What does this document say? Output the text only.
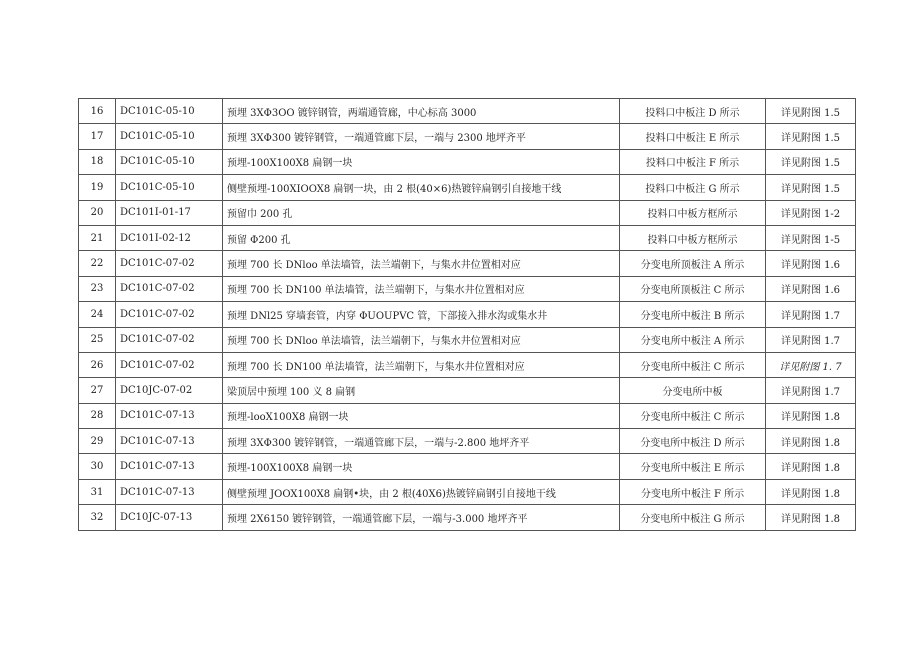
16	DC101C-05-10	预埋 3XΦ3OO 镀锌钢管，两端通管廊，中心标高 3000	投料口中板注 D 所示	详见附图 1.5
17	DC101C-05-10	预埋 3XΦ300 镀锌钢管，一端通管廊下层，一端与 2300 地坪齐平	投料口中板注 E 所示	详见附图 1.5
18	DC101C-05-10	预埋-100X100X8 扁钢一块	投料口中板注 F 所示	详见附图 1.5
19	DC101C-05-10	侧壁预埋-100XIOOX8 扁钢一块，由 2 根(40×6)热镀锌扁钢引自接地干线	投料口中板注 G 所示	详见附图 1.5
20	DC101I-01-17	预留巾 200 孔	投料口中板方框所示	详见附图 1-2
21	DC101I-02-12	预留 Φ200 孔	投料口中板方框所示	详见附图 1-5
22	DC101C-07-02	预埋 700 长 DNloo 单法墙管，法兰端朝下，与集水井位置相对应	分变电所顶板注 A 所示	详见附图 1.6
23	DC101C-07-02	预埋 700 长 DN100 单法墙管，法兰端朝下，与集水井位置相对应	分变电所顶板注 C 所示	详见附图 1.6
24	DC101C-07-02	预埋 DNl25 穿墙套管，内穿 ΦUOUPVC 管，下部接入排水沟或集水井	分变电所中板注 B 所示	详见附图 1.7
25	DC101C-07-02	预埋 700 长 DNloo 单法墙管，法兰端朝下，与集水井位置相对应	分变电所中板注 A 所示	详见附图 1.7
26	DC101C-07-02	预埋 700 长 DN100 单法墙管，法兰端朝下，与集水井位置相对应	分变电所中板注 C 所示	详见附图 1. 7
27	DC10JC-07-02	梁顶居中预埋 100 义 8 扁钢	分变电所中板	详见附图 1.7
28	DC101C-07-13	预埋-looX100X8 扁钢一块	分变电所中板注 C 所示	详见附图 1.8
29	DC101C-07-13	预埋 3XΦ300 镀锌钢管，一端通管廊下层，一端与-2.800 地坪齐平	分变电所中板注 D 所示	详见附图 1.8
30	DC101C-07-13	预埋-100X100X8 扁钢一块	分变电所中板注 E 所示	详见附图 1.8
31	DC101C-07-13	侧壁预埋 JOOX100X8 扁钢•块，由 2 根(40X6)热镀锌扁钢引自接地干线	分变电所中板注 F 所示	详见附图 1.8
32	DC10JC-07-13	预埋 2X6150 镀锌钢管，一端通管廊下层，一端与-3.000 地坪齐平	分变电所中板注 G 所示	详见附图 1.8
